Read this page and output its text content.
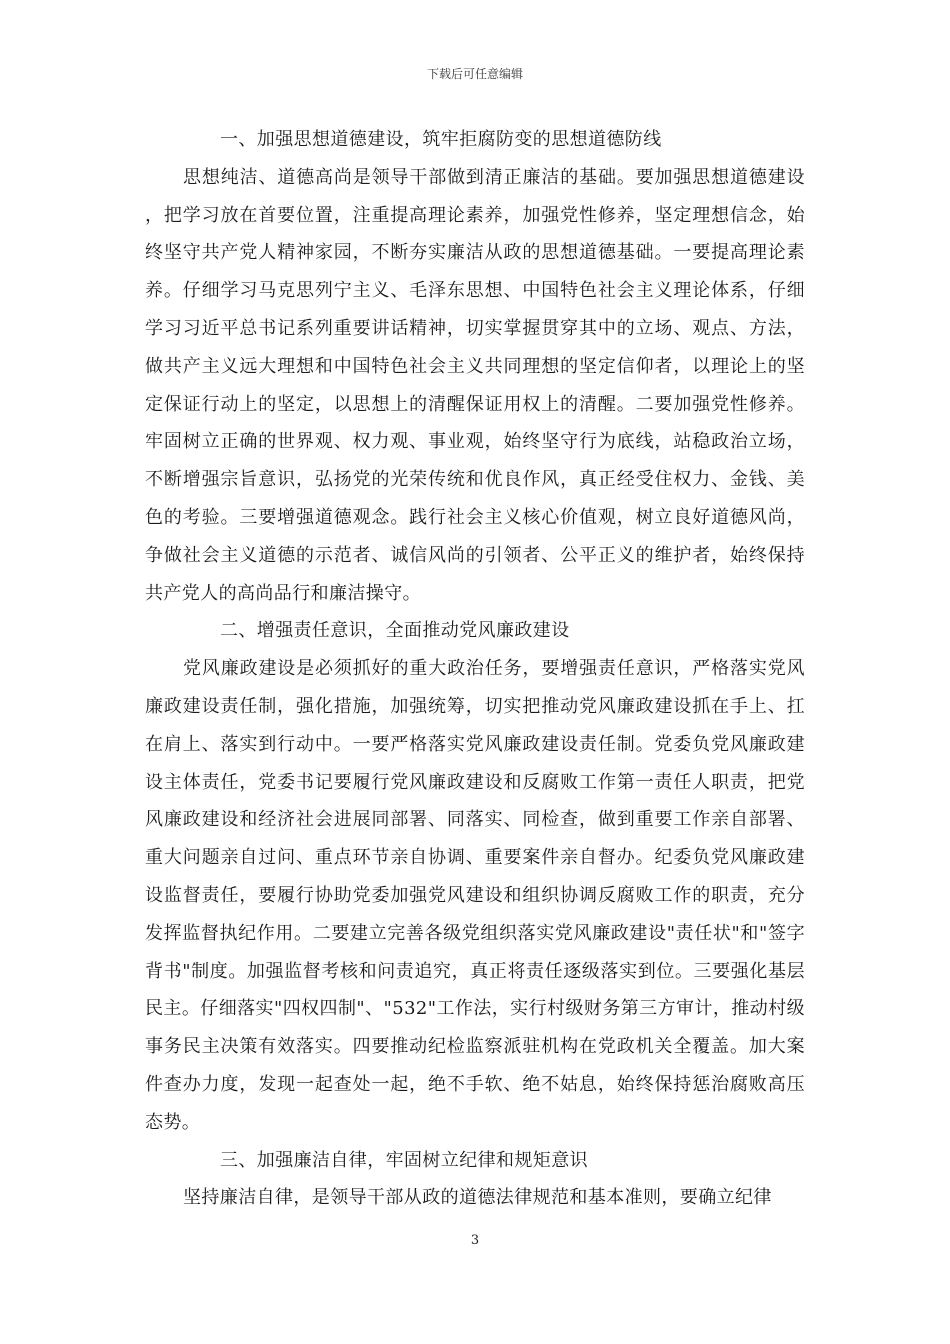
下载后可任意编辑
一、加强思想道德建设，筑牢拒腐防变的思想道德防线

思想纯洁、道德高尚是领导干部做到清正廉洁的基础。要加强思想道德建设，把学习放在首要位置，注重提高理论素养，加强党性修养，坚定理想信念，始终坚守共产党人精神家园，不断夯实廉洁从政的思想道德基础。一要提高理论素养。仔细学习马克思列宁主义、毛泽东思想、中国特色社会主义理论体系，仔细学习习近平总书记系列重要讲话精神，切实掌握贯穿其中的立场、观点、方法，做共产主义远大理想和中国特色社会主义共同理想的坚定信仰者，以理论上的坚定保证行动上的坚定，以思想上的清醒保证用权上的清醒。二要加强党性修养。牢固树立正确的世界观、权力观、事业观，始终坚守行为底线，站稳政治立场，不断增强宗旨意识，弘扬党的光荣传统和优良作风，真正经受住权力、金钱、美色的考验。三要增强道德观念。践行社会主义核心价值观，树立良好道德风尚，争做社会主义道德的示范者、诚信风尚的引领者、公平正义的维护者，始终保持共产党人的高尚品行和廉洁操守。

二、增强责任意识，全面推动党风廉政建设

党风廉政建设是必须抓好的重大政治任务，要增强责任意识，严格落实党风廉政建设责任制，强化措施，加强统筹，切实把推动党风廉政建设抓在手上、扛在肩上、落实到行动中。一要严格落实党风廉政建设责任制。党委负党风廉政建设主体责任，党委书记要履行党风廉政建设和反腐败工作第一责任人职责，把党风廉政建设和经济社会进展同部署、同落实、同检查，做到重要工作亲自部署、重大问题亲自过问、重点环节亲自协调、重要案件亲自督办。纪委负党风廉政建设监督责任，要履行协助党委加强党风建设和组织协调反腐败工作的职责，充分发挥监督执纪作用。二要建立完善各级党组织落实党风廉政建设"责任状"和"签字背书"制度。加强监督考核和问责追究，真正将责任逐级落实到位。三要强化基层民主。仔细落实"四权四制"、"532"工作法，实行村级财务第三方审计，推动村级事务民主决策有效落实。四要推动纪检监察派驻机构在党政机关全覆盖。加大案件查办力度，发现一起查处一起，绝不手软、绝不姑息，始终保持惩治腐败高压态势。

三、加强廉洁自律，牢固树立纪律和规矩意识

坚持廉洁自律，是领导干部从政的道德法律规范和基本准则，要确立纪律

3
